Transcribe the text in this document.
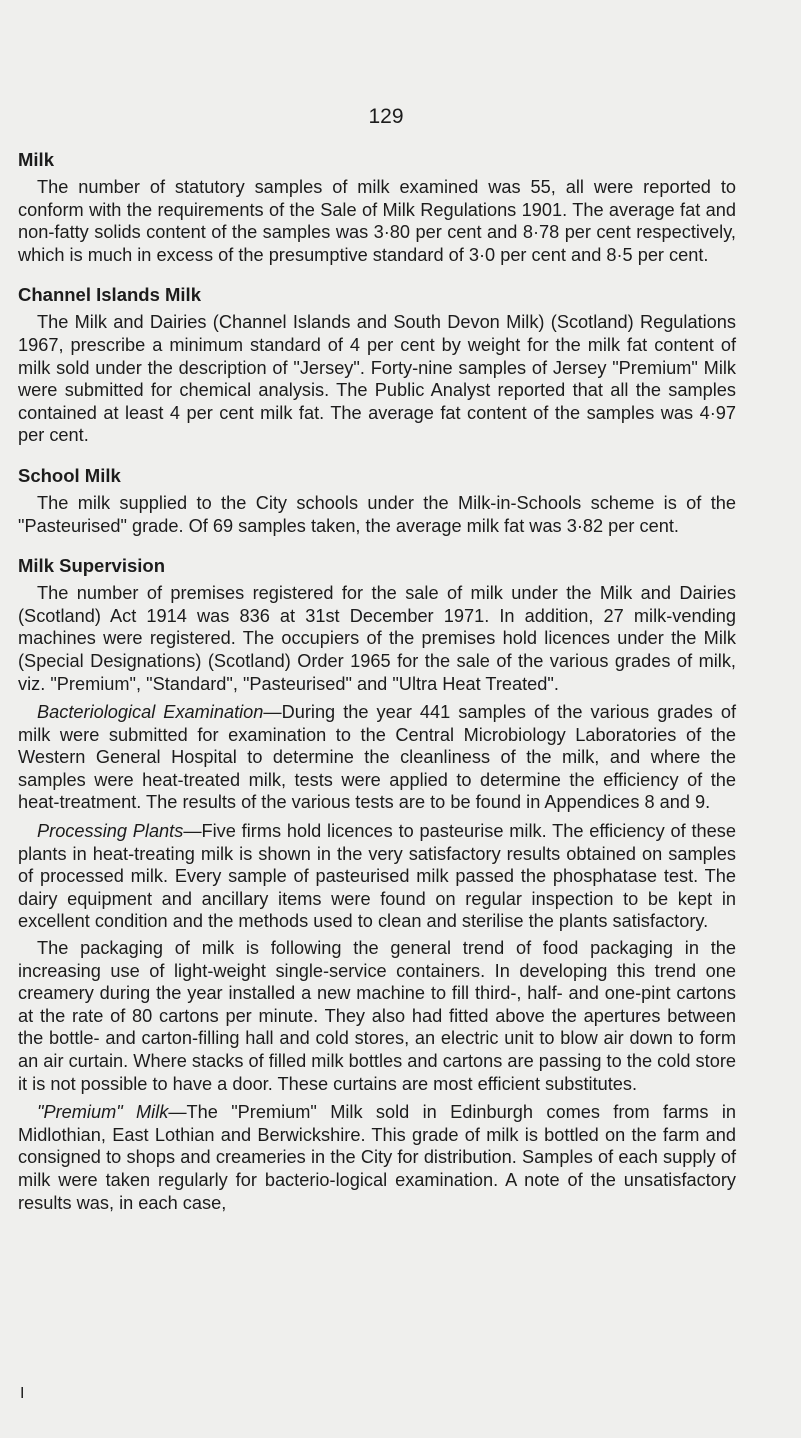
129
Milk

The number of statutory samples of milk examined was 55, all were reported to conform with the requirements of the Sale of Milk Regulations 1901. The average fat and non-fatty solids content of the samples was 3·80 per cent and 8·78 per cent respectively, which is much in excess of the presumptive standard of 3·0 per cent and 8·5 per cent.

Channel Islands Milk

The Milk and Dairies (Channel Islands and South Devon Milk) (Scotland) Regulations 1967, prescribe a minimum standard of 4 per cent by weight for the milk fat content of milk sold under the description of "Jersey". Forty-nine samples of Jersey "Premium" Milk were submitted for chemical analysis. The Public Analyst reported that all the samples contained at least 4 per cent milk fat. The average fat content of the samples was 4·97 per cent.

School Milk

The milk supplied to the City schools under the Milk-in-Schools scheme is of the "Pasteurised" grade. Of 69 samples taken, the average milk fat was 3·82 per cent.

Milk Supervision

The number of premises registered for the sale of milk under the Milk and Dairies (Scotland) Act 1914 was 836 at 31st December 1971. In addition, 27 milk-vending machines were registered. The occupiers of the premises hold licences under the Milk (Special Designations) (Scotland) Order 1965 for the sale of the various grades of milk, viz. "Premium", "Standard", "Pasteurised" and "Ultra Heat Treated".

Bacteriological Examination—During the year 441 samples of the various grades of milk were submitted for examination to the Central Microbiology Laboratories of the Western General Hospital to determine the cleanliness of the milk, and where the samples were heat-treated milk, tests were applied to determine the efficiency of the heat-treatment. The results of the various tests are to be found in Appendices 8 and 9.

Processing Plants—Five firms hold licences to pasteurise milk. The efficiency of these plants in heat-treating milk is shown in the very satisfactory results obtained on samples of processed milk. Every sample of pasteurised milk passed the phosphatase test. The dairy equipment and ancillary items were found on regular inspection to be kept in excellent condition and the methods used to clean and sterilise the plants satisfactory.

The packaging of milk is following the general trend of food packaging in the increasing use of light-weight single-service containers. In developing this trend one creamery during the year installed a new machine to fill third-, half- and one-pint cartons at the rate of 80 cartons per minute. They also had fitted above the apertures between the bottle- and carton-filling hall and cold stores, an electric unit to blow air down to form an air curtain. Where stacks of filled milk bottles and cartons are passing to the cold store it is not possible to have a door. These curtains are most efficient substitutes.

"Premium" Milk—The "Premium" Milk sold in Edinburgh comes from farms in Midlothian, East Lothian and Berwickshire. This grade of milk is bottled on the farm and consigned to shops and creameries in the City for distribution. Samples of each supply of milk were taken regularly for bacterio-logical examination. A note of the unsatisfactory results was, in each case,

I
